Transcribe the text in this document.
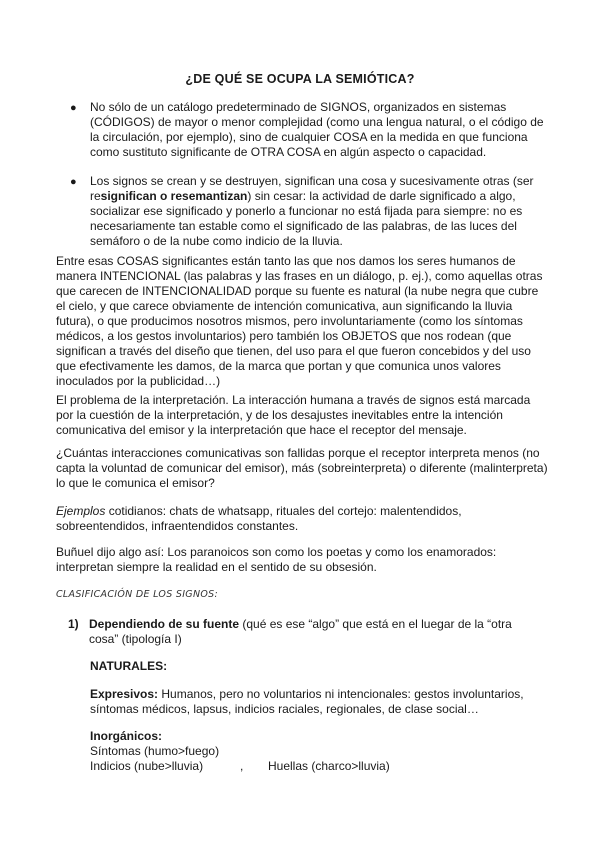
¿DE QUÉ SE OCUPA LA SEMIÓTICA?
● No sólo de un catálogo predeterminado de SIGNOS, organizados en sistemas (CÓDIGOS) de mayor o menor complejidad (como una lengua natural, o el código de la circulación, por ejemplo), sino de cualquier COSA en la medida en que funciona como sustituto significante de OTRA COSA en algún aspecto o capacidad.
● Los signos se crean y se destruyen, significan una cosa y sucesivamente otras (ser resignifican o resemantizan) sin cesar: la actividad de darle significado a algo, socializar ese significado y ponerlo a funcionar no está fijada para siempre: no es necesariamente tan estable como el significado de las palabras, de las luces del semáforo o de la nube como indicio de la lluvia.
Entre esas COSAS significantes están tanto las que nos damos los seres humanos de manera INTENCIONAL (las palabras y las frases en un diálogo, p. ej.), como aquellas otras que carecen de INTENCIONALIDAD porque su fuente es natural (la nube negra que cubre el cielo, y que carece obviamente de intención comunicativa, aun significando la lluvia futura), o que producimos nosotros mismos, pero involuntariamente (como los síntomas médicos, a los gestos involuntarios) pero también los OBJETOS que nos rodean (que significan a través del diseño que tienen, del uso para el que fueron concebidos y del uso que efectivamente les damos, de la marca que portan y que comunica unos valores inoculados por la publicidad…)
El problema de la interpretación. La interacción humana a través de signos está marcada por la cuestión de la interpretación, y de los desajustes inevitables entre la intención comunicativa del emisor y la interpretación que hace el receptor del mensaje.
¿Cuántas interacciones comunicativas son fallidas porque el receptor interpreta menos (no capta la voluntad de comunicar del emisor), más (sobreinterpreta) o diferente (malinterpreta) lo que le comunica el emisor?
Ejemplos cotidianos: chats de whatsapp, rituales del cortejo: malentendidos, sobreentendidos, infraentendidos constantes.
Buñuel dijo algo así: Los paranoicos son como los poetas y como los enamorados: interpretan siempre la realidad en el sentido de su obsesión.
CLASIFICACIÓN DE LOS SIGNOS:
1) Dependiendo de su fuente (qué es ese “algo” que está en el luegar de la “otra cosa” (tipología I)
NATURALES:
Expresivos: Humanos, pero no voluntarios ni intencionales: gestos involuntarios, síntomas médicos, lapsus, indicios raciales, regionales, de clase social…
Inorgánicos:
Síntomas (humo>fuego)
Indicios (nube>lluvia)	, Huellas (charco>lluvia)
